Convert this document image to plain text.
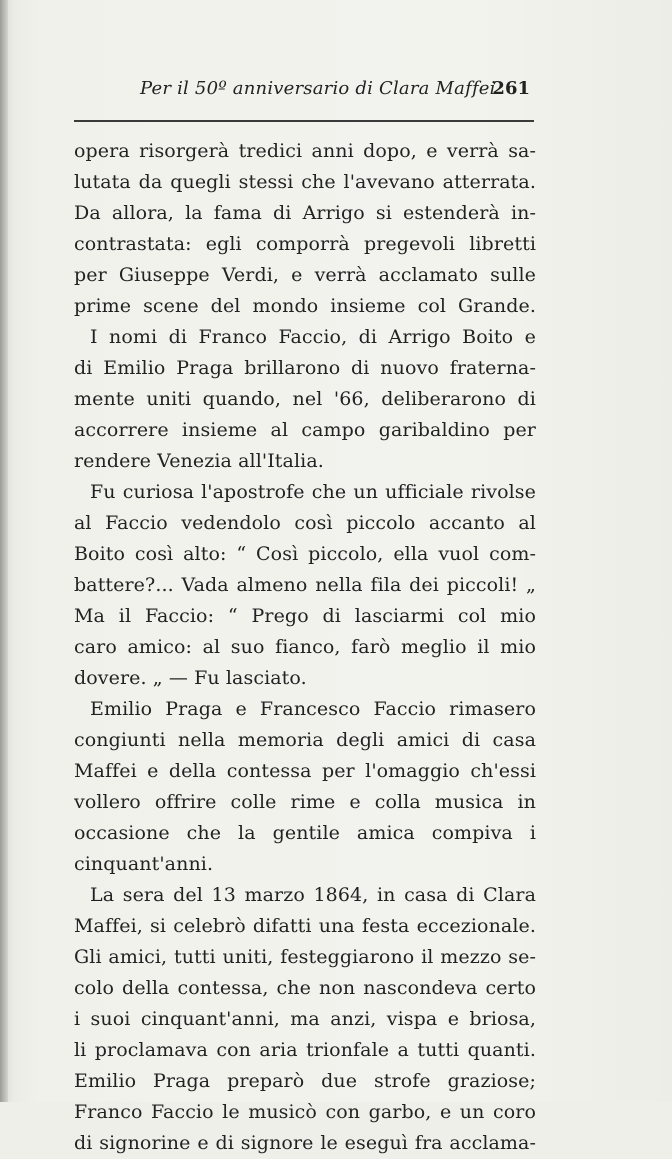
Per il 50º anniversario di Clara Maffei
261
opera risorgerà tredici anni dopo, e verrà sa-
lutata da quegli stessi che l'avevano atterrata.
Da allora, la fama di Arrigo si estenderà in-
contrastata: egli comporrà pregevoli libretti
per Giuseppe Verdi, e verrà acclamato sulle
prime scene del mondo insieme col Grande.
I nomi di Franco Faccio, di Arrigo Boito e
di Emilio Praga brillarono di nuovo fraterna-
mente uniti quando, nel '66, deliberarono di
accorrere insieme al campo garibaldino per
rendere Venezia all'Italia.
Fu curiosa l'apostrofe che un ufficiale rivolse
al Faccio vedendolo così piccolo accanto al
Boito così alto: “ Così piccolo, ella vuol com-
battere?... Vada almeno nella fila dei piccoli! „
Ma il Faccio: “ Prego di lasciarmi col mio
caro amico: al suo fianco, farò meglio il mio
dovere. „ — Fu lasciato.
Emilio Praga e Francesco Faccio rimasero
congiunti nella memoria degli amici di casa
Maffei e della contessa per l'omaggio ch'essi
vollero offrire colle rime e colla musica in
occasione che la gentile amica compiva i
cinquant'anni.
La sera del 13 marzo 1864, in casa di Clara
Maffei, si celebrò difatti una festa eccezionale.
Gli amici, tutti uniti, festeggiarono il mezzo se-
colo della contessa, che non nascondeva certo
i suoi cinquant'anni, ma anzi, vispa e briosa,
li proclamava con aria trionfale a tutti quanti.
Emilio Praga preparò due strofe graziose;
Franco Faccio le musicò con garbo, e un coro
di signorine e di signore le eseguì fra acclama-
